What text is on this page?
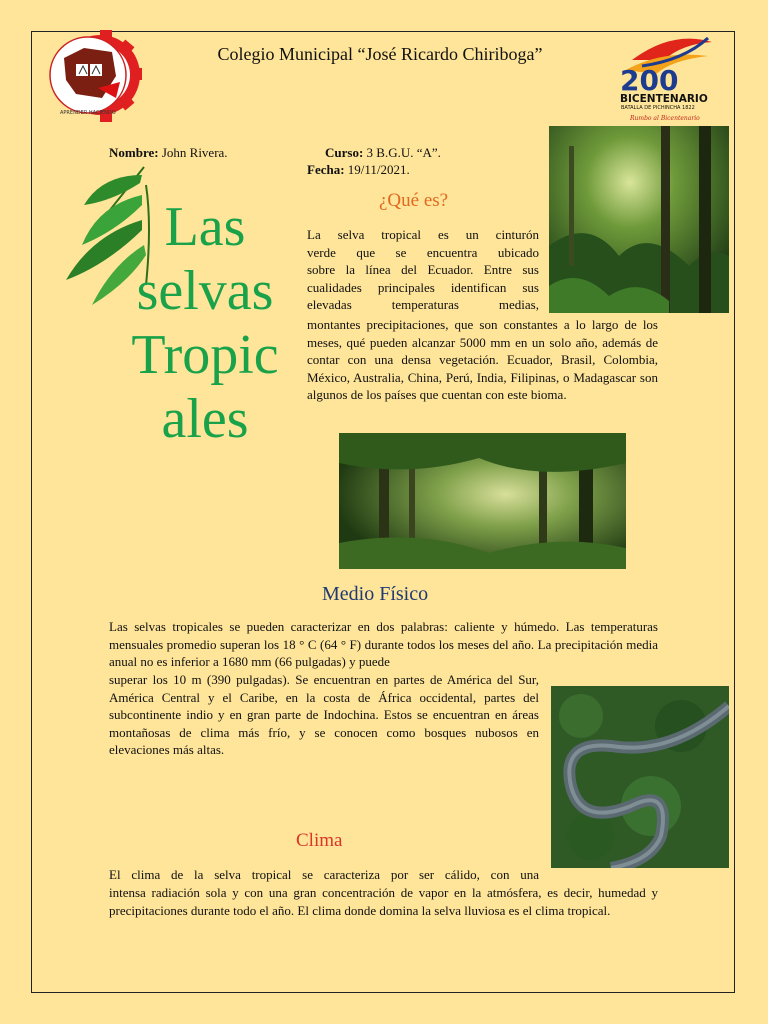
APRENDER HACIENDO
Colegio Municipal “José Ricardo Chiriboga”
200
BICENTENARIO
BATALLA DE PICHINCHA 1822
Rumbo al Bicentenario
Nombre: John Rivera.	Curso: 3 B.G.U. “A”.
Fecha: 19/11/2021.
Las
selvas
Tropic
ales
¿Qué es?
La selva tropical es un cinturón
verde que se encuentra ubicado
sobre la línea del Ecuador. Entre sus
cualidades principales identifican sus
elevadas temperaturas medias,
montantes precipitaciones, que son constantes a lo largo de los meses, qué pueden alcanzar 5000 mm en un solo año, además de contar con una densa vegetación. Ecuador, Brasil, Colombia, México, Australia, China, Perú, India, Filipinas, o Madagascar son algunos de los países que cuentan con este bioma.
Medio Físico
Las selvas tropicales se pueden caracterizar en dos palabras: caliente y húmedo. Las temperaturas mensuales promedio superan los 18 ° C (64 ° F) durante todos los meses del año. La precipitación media anual no es inferior a 1680 mm (66 pulgadas) y puede
superar los 10 m (390 pulgadas). Se encuentran en partes de América del Sur, América Central y el Caribe, en la costa de África occidental, partes del subcontinente indio y en gran parte de Indochina. Estos se encuentran en áreas montañosas de clima más frío, y se conocen como bosques nubosos en elevaciones más altas.
Clima
El clima de la selva tropical se caracteriza por ser cálido, con una
intensa radiación sola y con una gran concentración de vapor en la atmósfera, es decir, humedad y precipitaciones durante todo el año. El clima donde domina la selva lluviosa es el clima tropical.
